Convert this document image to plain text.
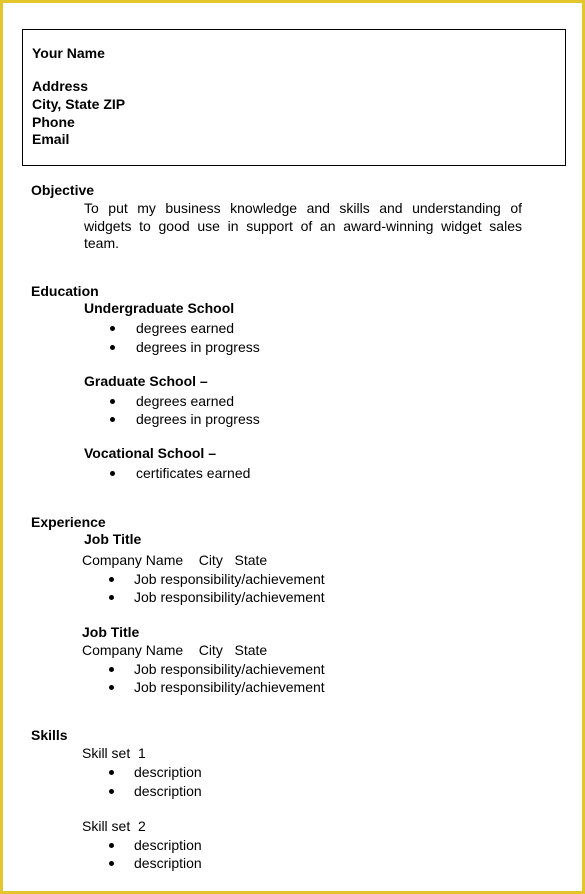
Your Name
Address
City, State ZIP
Phone
Email
Objective
To put my business knowledge and skills and understanding of widgets to good use in support of an award-winning widget sales team.
Education
Undergraduate School
degrees earned
degrees in progress
Graduate School –
degrees earned
degrees in progress
Vocational School –
certificates earned
Experience
Job Title
Company Name    City   State
Job responsibility/achievement
Job responsibility/achievement
Job Title
Company Name    City   State
Job responsibility/achievement
Job responsibility/achievement
Skills
Skill set  1
description
description
Skill set  2
description
description
